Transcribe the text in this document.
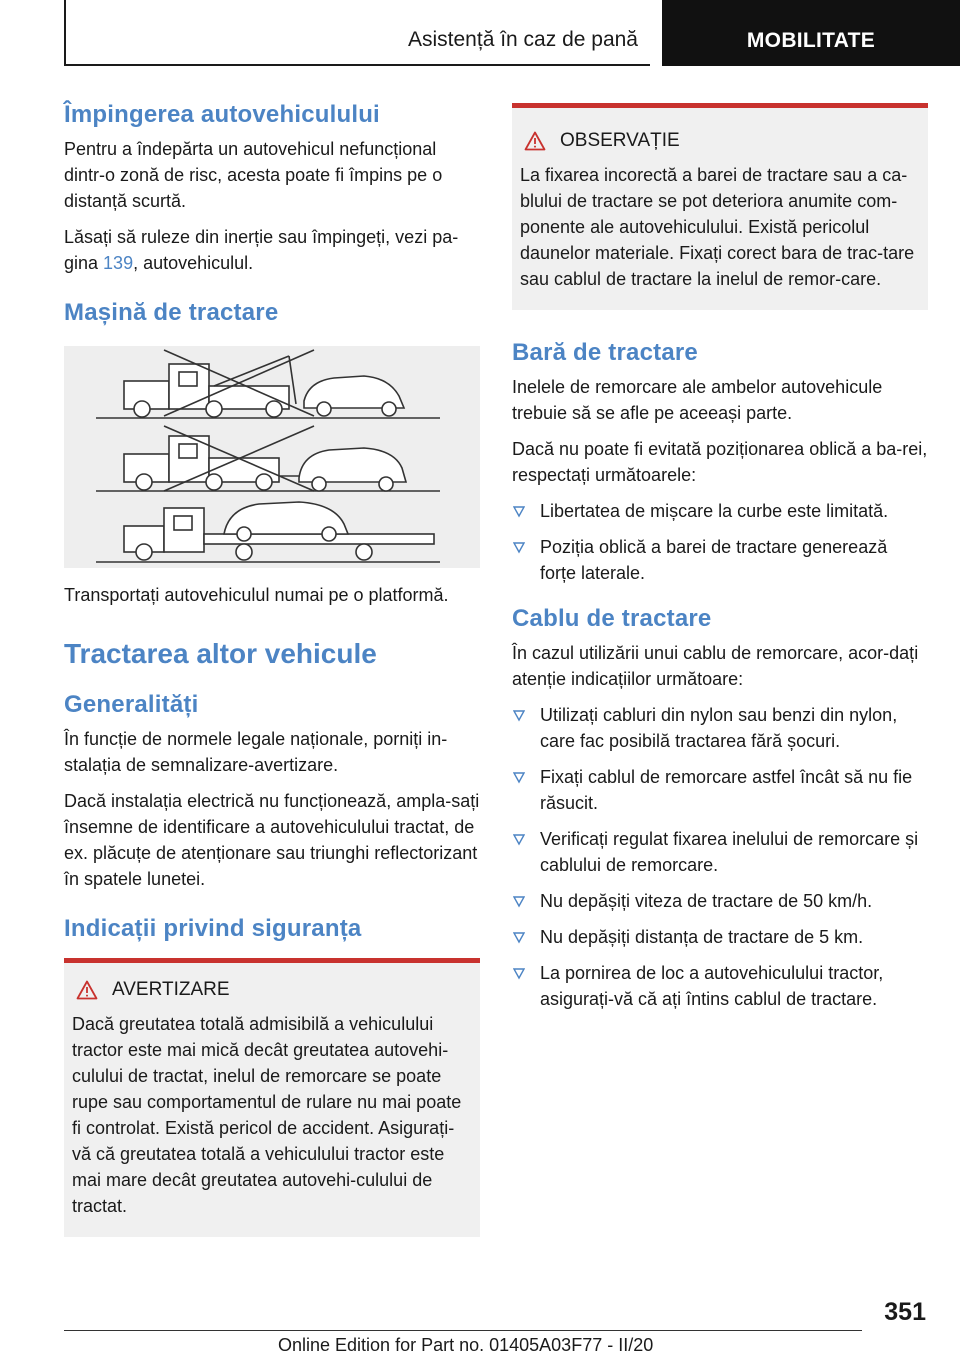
Asistență în caz de pană	MOBILITATE
Împingerea autovehiculului

Pentru a îndepărta un autovehicul nefuncțional dintr-o zonă de risc, acesta poate fi împins pe o distanță scurtă.

Lăsați să ruleze din inerție sau împingeți, vezi pa-gina 139, autovehiculul.

Mașină de tractare

Transportați autovehiculul numai pe o platformă.

Tractarea altor vehicule
Generalități

În funcție de normele legale naționale, porniți in-stalația de semnalizare-avertizare.

Dacă instalația electrică nu funcționează, ampla-sați însemne de identificare a autovehiculului tractat, de ex. plăcuțe de atenționare sau triunghi reflectorizant în spatele lunetei.

Indicații privind siguranța
AVERTIZARE

Dacă greutatea totală admisibilă a vehiculului tractor este mai mică decât greutatea autovehi-culului de tractat, inelul de remorcare se poate rupe sau comportamentul de rulare nu mai poate fi controlat. Există pericol de accident. Asigurați-vă că greutatea totală a vehiculului tractor este mai mare decât greutatea autovehi-culului de tractat.

OBSERVAȚIE

La fixarea incorectă a barei de tractare sau a ca-blului de tractare se pot deteriora anumite com-ponente ale autovehiculului. Există pericolul daunelor materiale. Fixați corect bara de trac-tare sau cablul de tractare la inelul de remor-care.

Bară de tractare

Inelele de remorcare ale ambelor autovehicule trebuie să se afle pe aceeași parte.

Dacă nu poate fi evitată poziționarea oblică a ba-rei, respectați următoarele:

Libertatea de mișcare la curbe este limitată.
Poziția oblică a barei de tractare generează forțe laterale.
Cablu de tractare

În cazul utilizării unui cablu de remorcare, acor-dați atenție indicațiilor următoare:

Utilizați cabluri din nylon sau benzi din nylon, care fac posibilă tractarea fără șocuri.
Fixați cablul de remorcare astfel încât să nu fie răsucit.
Verificați regulat fixarea inelului de remorcare și cablului de remorcare.
Nu depășiți viteza de tractare de 50 km/h.
Nu depășiți distanța de tractare de 5 km.
La pornirea de loc a autovehiculului tractor, asigurați-vă că ați întins cablul de tractare.
351
Online Edition for Part no. 01405A03F77 - II/20
